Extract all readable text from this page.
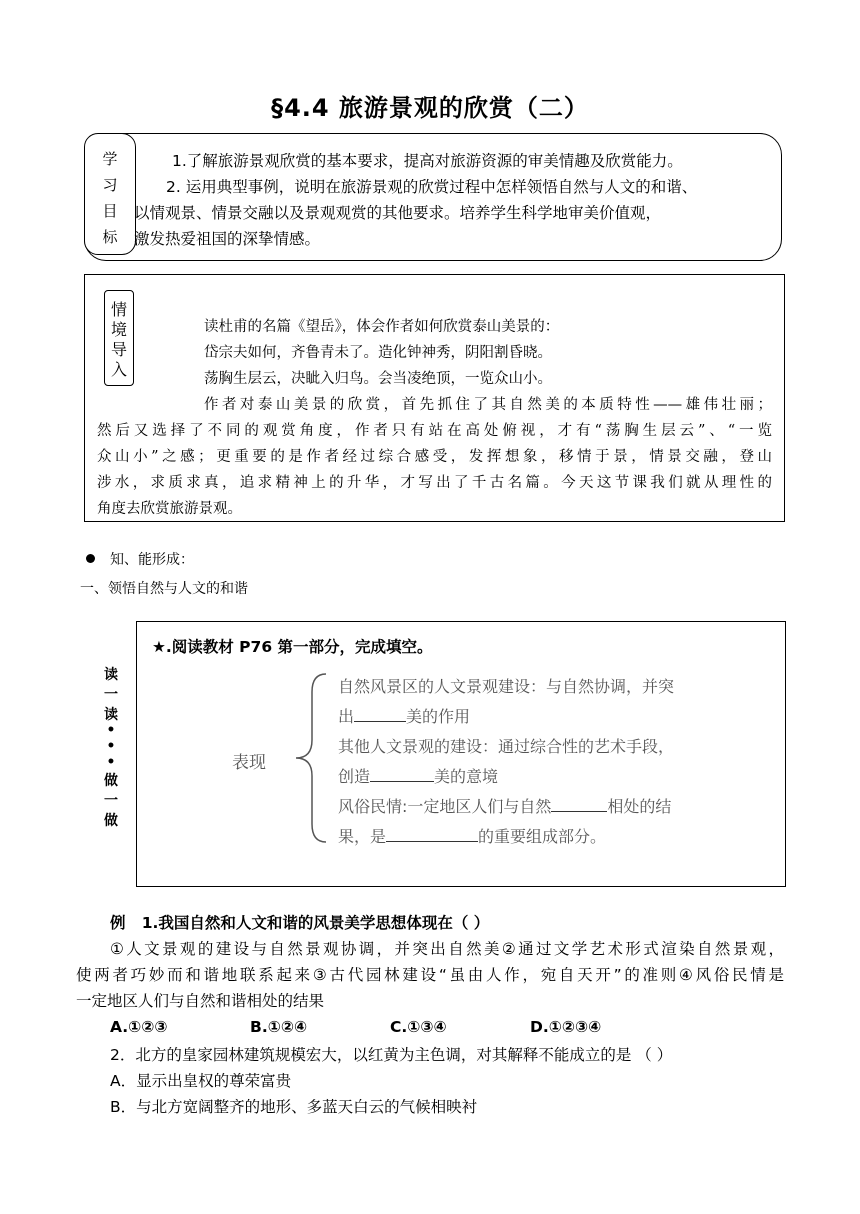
§4.4 旅游景观的欣赏（二）
学
习
目
标
1.了解旅游景观欣赏的基本要求，提高对旅游资源的审美情趣及欣赏能力。
2. 运用典型事例，说明在旅游景观的欣赏过程中怎样领悟自然与人文的和谐、
以情观景、情景交融以及景观观赏的其他要求。培养学生科学地审美价值观，
激发热爱祖国的深挚情感。
情
境
导
入
读杜甫的名篇《望岳》，体会作者如何欣赏泰山美景的：
岱宗夫如何，齐鲁青未了。造化钟神秀，阴阳割昏晓。
荡胸生层云，决眦入归鸟。会当凌绝顶，一览众山小。
作者对泰山美景的欣赏，首先抓住了其自然美的本质特性——雄伟壮丽；
然后又选择了不同的观赏角度，作者只有站在高处俯视，才有“荡胸生层云”、“一览
众山小”之感；更重要的是作者经过综合感受，发挥想象，移情于景，情景交融，登山
涉水，求质求真，追求精神上的升华，才写出了千古名篇。今天这节课我们就从理性的
角度去欣赏旅游景观。
知、能形成：
一、领悟自然与人文的和谐
读
一
读
•
•
•
做
一
做
★.阅读教材 P76 第一部分，完成填空。
表现
自然风景区的人文景观建设：与自然协调，并突
出	美的作用
其他人文景观的建设：通过综合性的艺术手段，
创造	美的意境
风俗民情:一定地区人们与自然	相处的结
果，是	的重要组成部分。
例 1.我国自然和人文和谐的风景美学思想体现在（ ）
①人文景观的建设与自然景观协调，并突出自然美②通过文学艺术形式渲染自然景观，
使两者巧妙而和谐地联系起来③古代园林建设“虽由人作，宛自天开”的准则④风俗民情是
一定地区人们与自然和谐相处的结果
A.①②③	B.①②④	C.①③④	D.①②③④
2．北方的皇家园林建筑规模宏大，以红黄为主色调，对其解释不能成立的是 （ ）
A．显示出皇权的尊荣富贵
B．与北方宽阔整齐的地形、多蓝天白云的气候相映衬
